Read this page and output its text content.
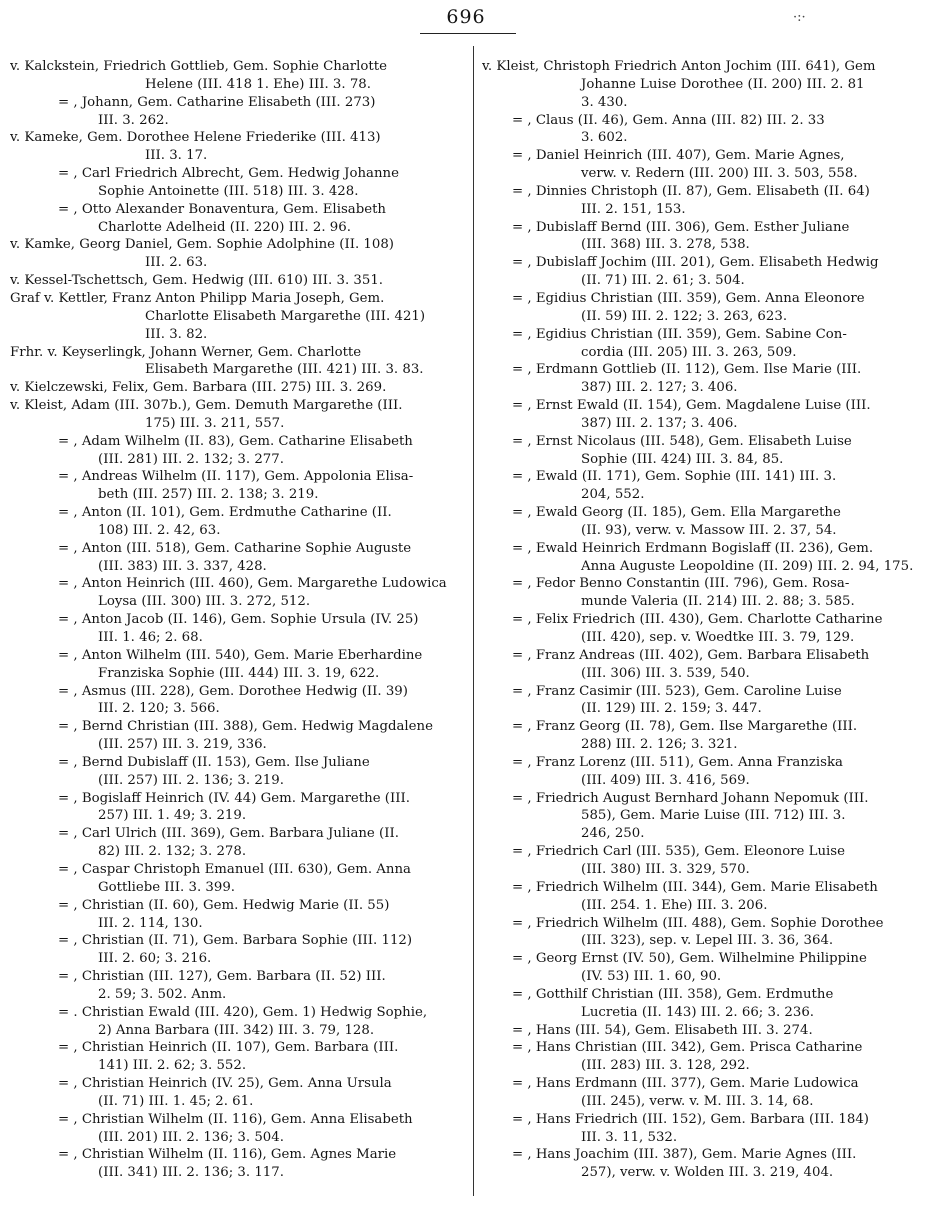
696	·:·
v. Kalckstein, Friedrich Gottlieb, Gem. Sophie Charlotte
Helene (III. 418 1. Ehe) III. 3. 78.
= , Johann, Gem. Catharine Elisabeth (III. 273)
III. 3. 262.
v. Kameke, Gem. Dorothee Helene Friederike (III. 413)
III. 3. 17.
= , Carl Friedrich Albrecht, Gem. Hedwig Johanne
Sophie Antoinette (III. 518) III. 3. 428.
= , Otto Alexander Bonaventura, Gem. Elisabeth
Charlotte Adelheid (II. 220) III. 2. 96.
v. Kamke, Georg Daniel, Gem. Sophie Adolphine (II. 108)
III. 2. 63.
v. Kessel-Tschettsch, Gem. Hedwig (III. 610) III. 3. 351.
Graf v. Kettler, Franz Anton Philipp Maria Joseph, Gem.
Charlotte Elisabeth Margarethe (III. 421)
III. 3. 82.
Frhr. v. Keyserlingk, Johann Werner, Gem. Charlotte
Elisabeth Margarethe (III. 421) III. 3. 83.
v. Kielczewski, Felix, Gem. Barbara (III. 275) III. 3. 269.
v. Kleist, Adam (III. 307b.), Gem. Demuth Margarethe (III.
175) III. 3. 211, 557.
= , Adam Wilhelm (II. 83), Gem. Catharine Elisabeth
(III. 281) III. 2. 132; 3. 277.
= , Andreas Wilhelm (II. 117), Gem. Appolonia Elisa-
beth (III. 257) III. 2. 138; 3. 219.
= , Anton (II. 101), Gem. Erdmuthe Catharine (II.
108) III. 2. 42, 63.
= , Anton (III. 518), Gem. Catharine Sophie Auguste
(III. 383) III. 3. 337, 428.
= , Anton Heinrich (III. 460), Gem. Margarethe Ludowica
Loysa (III. 300) III. 3. 272, 512.
= , Anton Jacob (II. 146), Gem. Sophie Ursula (IV. 25)
III. 1. 46; 2. 68.
= , Anton Wilhelm (III. 540), Gem. Marie Eberhardine
Franziska Sophie (III. 444) III. 3. 19, 622.
= , Asmus (III. 228), Gem. Dorothee Hedwig (II. 39)
III. 2. 120; 3. 566.
= , Bernd Christian (III. 388), Gem. Hedwig Magdalene
(III. 257) III. 3. 219, 336.
= , Bernd Dubislaff (II. 153), Gem. Ilse Juliane
(III. 257) III. 2. 136; 3. 219.
= , Bogislaff Heinrich (IV. 44) Gem. Margarethe (III.
257) III. 1. 49; 3. 219.
= , Carl Ulrich (III. 369), Gem. Barbara Juliane (II.
82) III. 2. 132; 3. 278.
= , Caspar Christoph Emanuel (III. 630), Gem. Anna
Gottliebe III. 3. 399.
= , Christian (II. 60), Gem. Hedwig Marie (II. 55)
III. 2. 114, 130.
= , Christian (II. 71), Gem. Barbara Sophie (III. 112)
III. 2. 60; 3. 216.
= , Christian (III. 127), Gem. Barbara (II. 52) III.
2. 59; 3. 502. Anm.
= . Christian Ewald (III. 420), Gem. 1) Hedwig Sophie,
2) Anna Barbara (III. 342) III. 3. 79, 128.
= , Christian Heinrich (II. 107), Gem. Barbara (III.
141) III. 2. 62; 3. 552.
= , Christian Heinrich (IV. 25), Gem. Anna Ursula
(II. 71) III. 1. 45; 2. 61.
= , Christian Wilhelm (II. 116), Gem. Anna Elisabeth
(III. 201) III. 2. 136; 3. 504.
= , Christian Wilhelm (II. 116), Gem. Agnes Marie
(III. 341) III. 2. 136; 3. 117.
v. Kleist, Christoph Friedrich Anton Jochim (III. 641), Gem
Johanne Luise Dorothee (II. 200) III. 2. 81
3. 430.
= , Claus (II. 46), Gem. Anna (III. 82) III. 2. 33
3. 602.
= , Daniel Heinrich (III. 407), Gem. Marie Agnes,
verw. v. Redern (III. 200) III. 3. 503, 558.
= , Dinnies Christoph (II. 87), Gem. Elisabeth (II. 64)
III. 2. 151, 153.
= , Dubislaff Bernd (III. 306), Gem. Esther Juliane
(III. 368) III. 3. 278, 538.
= , Dubislaff Jochim (III. 201), Gem. Elisabeth Hedwig
(II. 71) III. 2. 61; 3. 504.
= , Egidius Christian (III. 359), Gem. Anna Eleonore
(II. 59) III. 2. 122; 3. 263, 623.
= , Egidius Christian (III. 359), Gem. Sabine Con-
cordia (III. 205) III. 3. 263, 509.
= , Erdmann Gottlieb (II. 112), Gem. Ilse Marie (III.
387) III. 2. 127; 3. 406.
= , Ernst Ewald (II. 154), Gem. Magdalene Luise (III.
387) III. 2. 137; 3. 406.
= , Ernst Nicolaus (III. 548), Gem. Elisabeth Luise
Sophie (III. 424) III. 3. 84, 85.
= , Ewald (II. 171), Gem. Sophie (III. 141) III. 3.
204, 552.
= , Ewald Georg (II. 185), Gem. Ella Margarethe
(II. 93), verw. v. Massow III. 2. 37, 54.
= , Ewald Heinrich Erdmann Bogislaff (II. 236), Gem.
Anna Auguste Leopoldine (II. 209) III. 2. 94, 175.
= , Fedor Benno Constantin (III. 796), Gem. Rosa-
munde Valeria (II. 214) III. 2. 88; 3. 585.
= , Felix Friedrich (III. 430), Gem. Charlotte Catharine
(III. 420), sep. v. Woedtke III. 3. 79, 129.
= , Franz Andreas (III. 402), Gem. Barbara Elisabeth
(III. 306) III. 3. 539, 540.
= , Franz Casimir (III. 523), Gem. Caroline Luise
(II. 129) III. 2. 159; 3. 447.
= , Franz Georg (II. 78), Gem. Ilse Margarethe (III.
288) III. 2. 126; 3. 321.
= , Franz Lorenz (III. 511), Gem. Anna Franziska
(III. 409) III. 3. 416, 569.
= , Friedrich August Bernhard Johann Nepomuk (III.
585), Gem. Marie Luise (III. 712) III. 3.
246, 250.
= , Friedrich Carl (III. 535), Gem. Eleonore Luise
(III. 380) III. 3. 329, 570.
= , Friedrich Wilhelm (III. 344), Gem. Marie Elisabeth
(III. 254. 1. Ehe) III. 3. 206.
= , Friedrich Wilhelm (III. 488), Gem. Sophie Dorothee
(III. 323), sep. v. Lepel III. 3. 36, 364.
= , Georg Ernst (IV. 50), Gem. Wilhelmine Philippine
(IV. 53) III. 1. 60, 90.
= , Gotthilf Christian (III. 358), Gem. Erdmuthe
Lucretia (II. 143) III. 2. 66; 3. 236.
= , Hans (III. 54), Gem. Elisabeth III. 3. 274.
= , Hans Christian (III. 342), Gem. Prisca Catharine
(III. 283) III. 3. 128, 292.
= , Hans Erdmann (III. 377), Gem. Marie Ludowica
(III. 245), verw. v. M. III. 3. 14, 68.
= , Hans Friedrich (III. 152), Gem. Barbara (III. 184)
III. 3. 11, 532.
= , Hans Joachim (III. 387), Gem. Marie Agnes (III.
257), verw. v. Wolden III. 3. 219, 404.
